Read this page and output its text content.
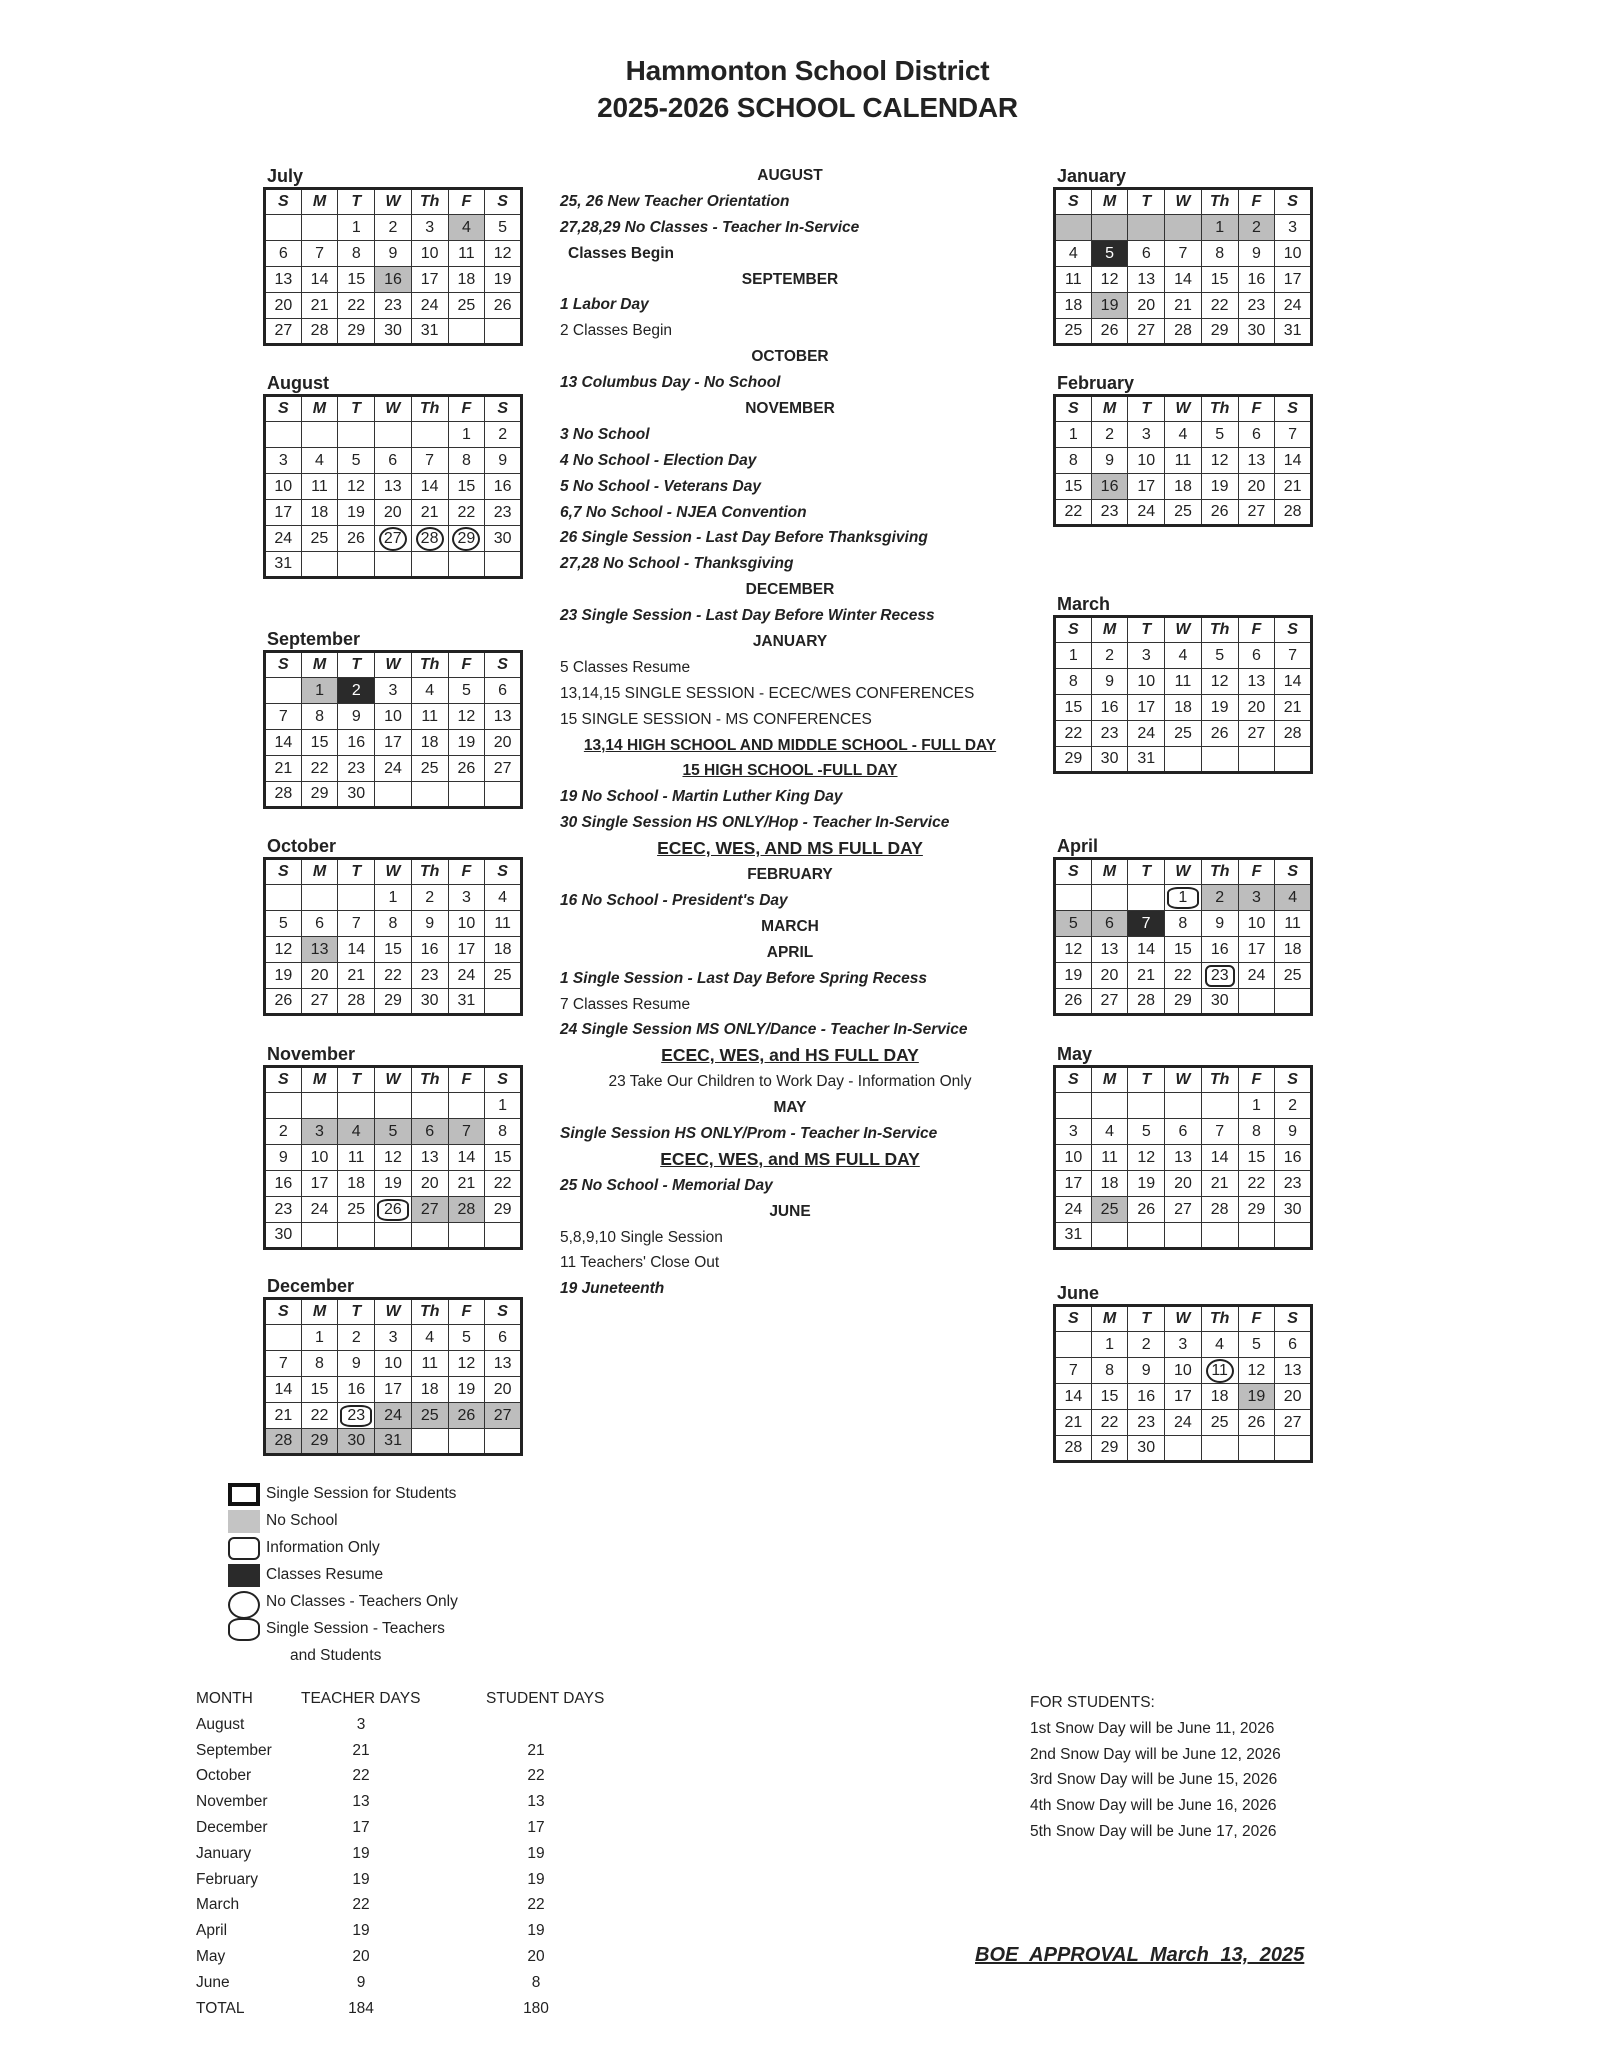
Hammonton School District
2025-2026 SCHOOL CALENDAR
July
S	M	T	W	Th	F	S
		1	2	3	4	5
6	7	8	9	10	11	12
13	14	15	16	17	18	19
20	21	22	23	24	25	26
27	28	29	30	31		
August
S	M	T	W	Th	F	S
					1	2
3	4	5	6	7	8	9
10	11	12	13	14	15	16
17	18	19	20	21	22	23
24	25	26	27	28	29	30
31						
September
S	M	T	W	Th	F	S
	1	2	3	4	5	6
7	8	9	10	11	12	13
14	15	16	17	18	19	20
21	22	23	24	25	26	27
28	29	30				
October
S	M	T	W	Th	F	S
			1	2	3	4
5	6	7	8	9	10	11
12	13	14	15	16	17	18
19	20	21	22	23	24	25
26	27	28	29	30	31	
November
S	M	T	W	Th	F	S
						1
2	3	4	5	6	7	8
9	10	11	12	13	14	15
16	17	18	19	20	21	22
23	24	25	26	27	28	29
30						
December
S	M	T	W	Th	F	S
	1	2	3	4	5	6
7	8	9	10	11	12	13
14	15	16	17	18	19	20
21	22	23	24	25	26	27
28	29	30	31			
January
S	M	T	W	Th	F	S
				1	2	3
4	5	6	7	8	9	10
11	12	13	14	15	16	17
18	19	20	21	22	23	24
25	26	27	28	29	30	31
February
S	M	T	W	Th	F	S
1	2	3	4	5	6	7
8	9	10	11	12	13	14
15	16	17	18	19	20	21
22	23	24	25	26	27	28
March
S	M	T	W	Th	F	S
1	2	3	4	5	6	7
8	9	10	11	12	13	14
15	16	17	18	19	20	21
22	23	24	25	26	27	28
29	30	31				
April
S	M	T	W	Th	F	S
			1	2	3	4
5	6	7	8	9	10	11
12	13	14	15	16	17	18
19	20	21	22	23	24	25
26	27	28	29	30		
May
S	M	T	W	Th	F	S
					1	2
3	4	5	6	7	8	9
10	11	12	13	14	15	16
17	18	19	20	21	22	23
24	25	26	27	28	29	30
31						
June
S	M	T	W	Th	F	S
	1	2	3	4	5	6
7	8	9	10	11	12	13
14	15	16	17	18	19	20
21	22	23	24	25	26	27
28	29	30				
AUGUST
25, 26 New Teacher Orientation
27,28,29 No Classes - Teacher In-Service
Classes Begin
SEPTEMBER
1 Labor Day
2 Classes Begin
OCTOBER
13 Columbus Day - No School
NOVEMBER
3 No School
4 No School - Election Day
5 No School - Veterans Day
6,7 No School - NJEA Convention
26 Single Session - Last Day Before Thanksgiving
27,28 No School - Thanksgiving
DECEMBER
23 Single Session - Last Day Before Winter Recess
JANUARY
5 Classes Resume
13,14,15 SINGLE SESSION - ECEC/WES CONFERENCES
15 SINGLE SESSION - MS CONFERENCES
13,14 HIGH SCHOOL AND MIDDLE SCHOOL - FULL DAY
15 HIGH SCHOOL -FULL DAY
19 No School - Martin Luther King Day
30 Single Session HS ONLY/Hop - Teacher In-Service
ECEC, WES, AND MS FULL DAY
FEBRUARY
16 No School - President's Day
MARCH
APRIL
1 Single Session - Last Day Before Spring Recess
7 Classes Resume
24 Single Session MS ONLY/Dance - Teacher In-Service
ECEC, WES, and HS FULL DAY
23 Take Our Children to Work Day - Information Only
MAY
Single Session HS ONLY/Prom - Teacher In-Service
ECEC, WES, and MS FULL DAY
25 No School - Memorial Day
JUNE
5,8,9,10 Single Session
11 Teachers' Close Out
19 Juneteenth
Single Session for Students
No School
Information Only
Classes Resume
No Classes - Teachers Only
Single Session - Teachers
and Students
MONTH	TEACHER DAYS	STUDENT DAYS
August	3
September	21	21
October	22	22
November	13	13
December	17	17
January	19	19
February	19	19
March	22	22
April	19	19
May	20	20
June	9	8
TOTAL	184	180
FOR STUDENTS:
1st Snow Day will be June 11, 2026
2nd Snow Day will be June 12, 2026
3rd Snow Day will be June 15, 2026
4th Snow Day will be June 16, 2026
5th Snow Day will be June 17, 2026
BOE APPROVAL March 13, 2025
